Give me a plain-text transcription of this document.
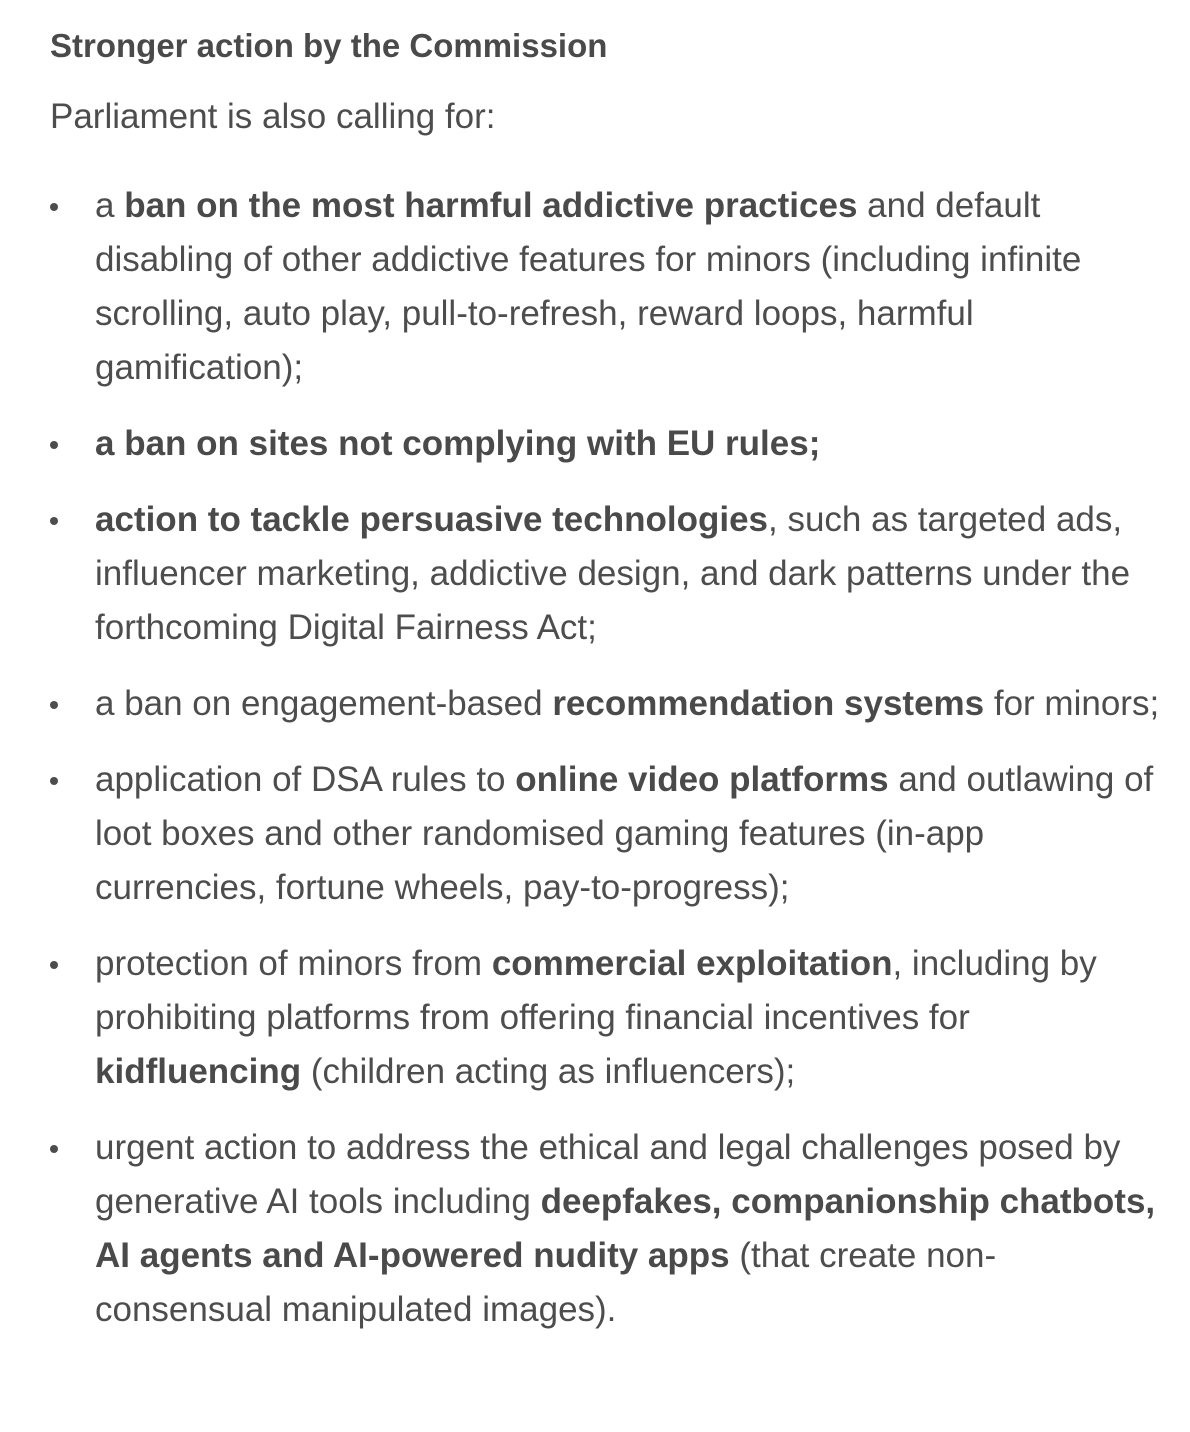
Stronger action by the Commission

Parliament is also calling for:

a ban on the most harmful addictive practices and default disabling of other addictive features for minors (including infinite scrolling, auto play, pull-to-refresh, reward loops, harmful gamification);
a ban on sites not complying with EU rules;
action to tackle persuasive technologies, such as targeted ads, influencer marketing, addictive design, and dark patterns under the forthcoming Digital Fairness Act;
a ban on engagement-based recommendation systems for minors;
application of DSA rules to online video platforms and outlawing of loot boxes and other randomised gaming features (in-app currencies, fortune wheels, pay-to-progress);
protection of minors from commercial exploitation, including by prohibiting platforms from offering financial incentives for kidfluencing (children acting as influencers);
urgent action to address the ethical and legal challenges posed by generative AI tools including deepfakes, companionship chatbots, AI agents and AI-powered nudity apps (that create non-consensual manipulated images).
